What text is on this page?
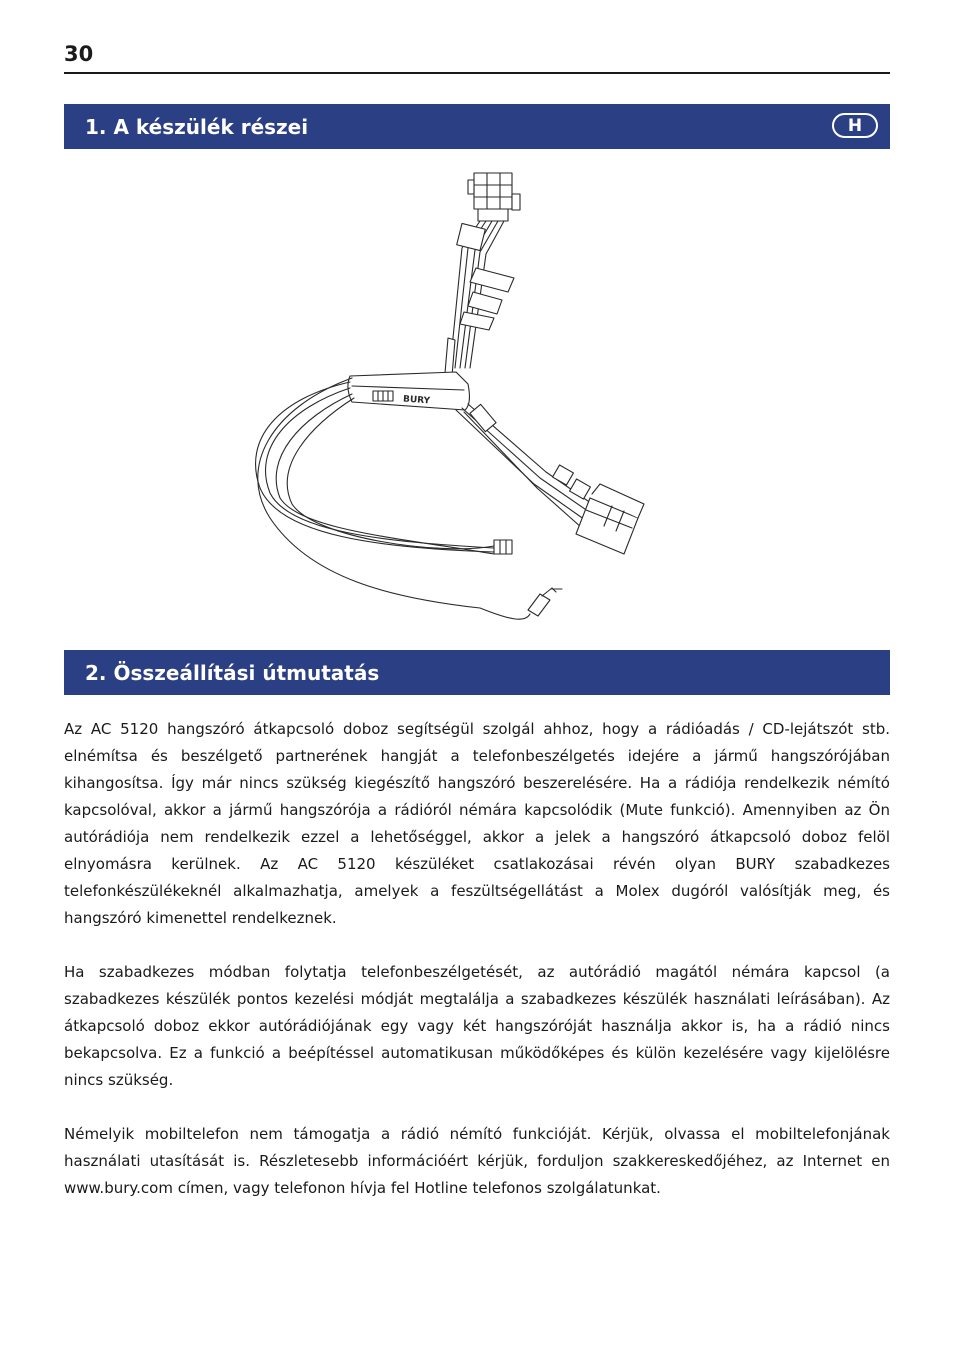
30
1. A készülék részei	H
BURY
2. Összeállítási útmutatás

Az AC 5120 hangszóró átkapcsoló doboz segítségül szolgál ahhoz, hogy a rádióadás / CD-lejátszót stb. elnémítsa és beszélgető partnerének hangját a telefonbeszélgetés idejére a jármű hangszórójában kihangosítsa. Így már nincs szükség kiegészítő hangszóró beszerelésére. Ha a rádiója rendelkezik némító kapcsolóval, akkor a jármű hangszórója a rádióról némára kapcsolódik (Mute funkció). Amennyiben az Ön autórádiója nem rendelkezik ezzel a lehetőséggel, akkor a jelek a hangszóró átkapcsoló doboz felöl elnyomásra kerülnek. Az AC 5120 készüléket csatlakozásai révén olyan BURY szabadkezes telefonkészülékeknél alkalmazhatja, amelyek a feszültségellátást a Molex dugóról valósítják meg, és hangszóró kimenettel rendelkeznek.

Ha szabadkezes módban folytatja telefonbeszélgetését, az autórádió magától némára kapcsol (a szabadkezes készülék pontos kezelési módját megtalálja a szabadkezes készülék használati leírásában). Az átkapcsoló doboz ekkor autórádiójának egy vagy két hangszóróját használja akkor is, ha a rádió nincs bekapcsolva. Ez a funkció a beépítéssel automatikusan működőképes és külön kezelésére vagy kijelölésre nincs szükség.

Némelyik mobiltelefon nem támogatja a rádió némító funkcióját. Kérjük, olvassa el mobiltelefonjának használati utasítását is. Részletesebb információért kérjük, forduljon szakkereskedőjéhez, az Internet en www.bury.com címen, vagy telefonon hívja fel Hotline telefonos szolgálatunkat.
